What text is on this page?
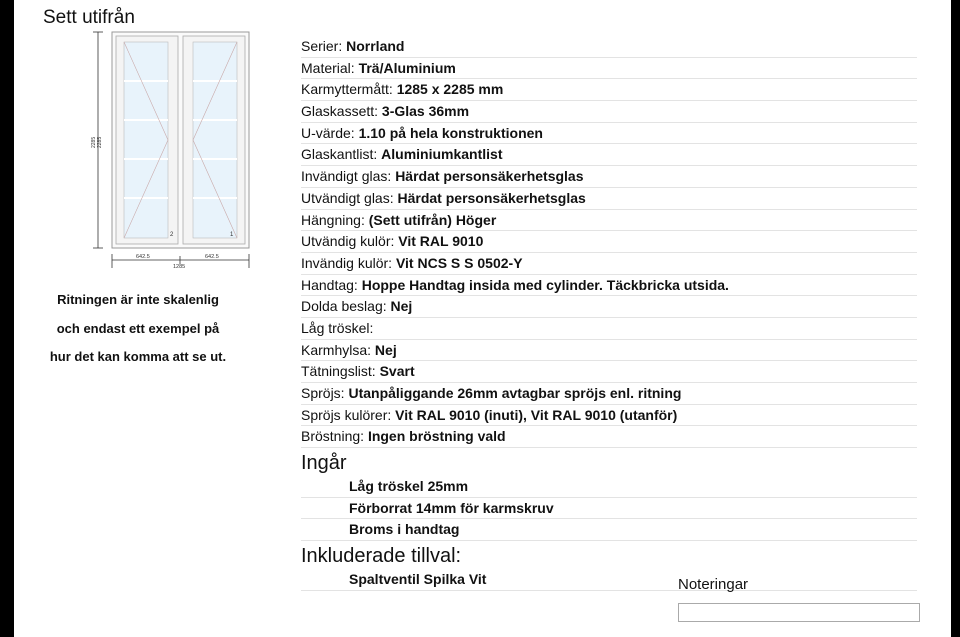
Sett utifrån
2285 2285
2	1
642.5	642.5
1285
Ritningen är inte skalenlig och endast ett exempel på hur det kan komma att se ut.
Serier: Norrland
Material: Trä/Aluminium
Karmyttermått: 1285 x 2285 mm
Glaskassett: 3-Glas 36mm
U-värde: 1.10 på hela konstruktionen
Glaskantlist: Aluminiumkantlist
Invändigt glas: Härdat personsäkerhetsglas
Utvändigt glas: Härdat personsäkerhetsglas
Hängning: (Sett utifrån) Höger
Utvändig kulör: Vit RAL 9010
Invändig kulör: Vit NCS S S 0502-Y
Handtag: Hoppe Handtag insida med cylinder. Täckbricka utsida.
Dolda beslag: Nej
Låg tröskel:
Karmhylsa: Nej
Tätningslist: Svart
Spröjs: Utanpåliggande 26mm avtagbar spröjs enl. ritning
Spröjs kulörer: Vit RAL 9010 (inuti), Vit RAL 9010 (utanför)
Bröstning: Ingen bröstning vald
Ingår
Låg tröskel 25mm
Förborrat 14mm för karmskruv
Broms i handtag
Inkluderade tillval:
Spaltventil Spilka Vit	Noteringar
